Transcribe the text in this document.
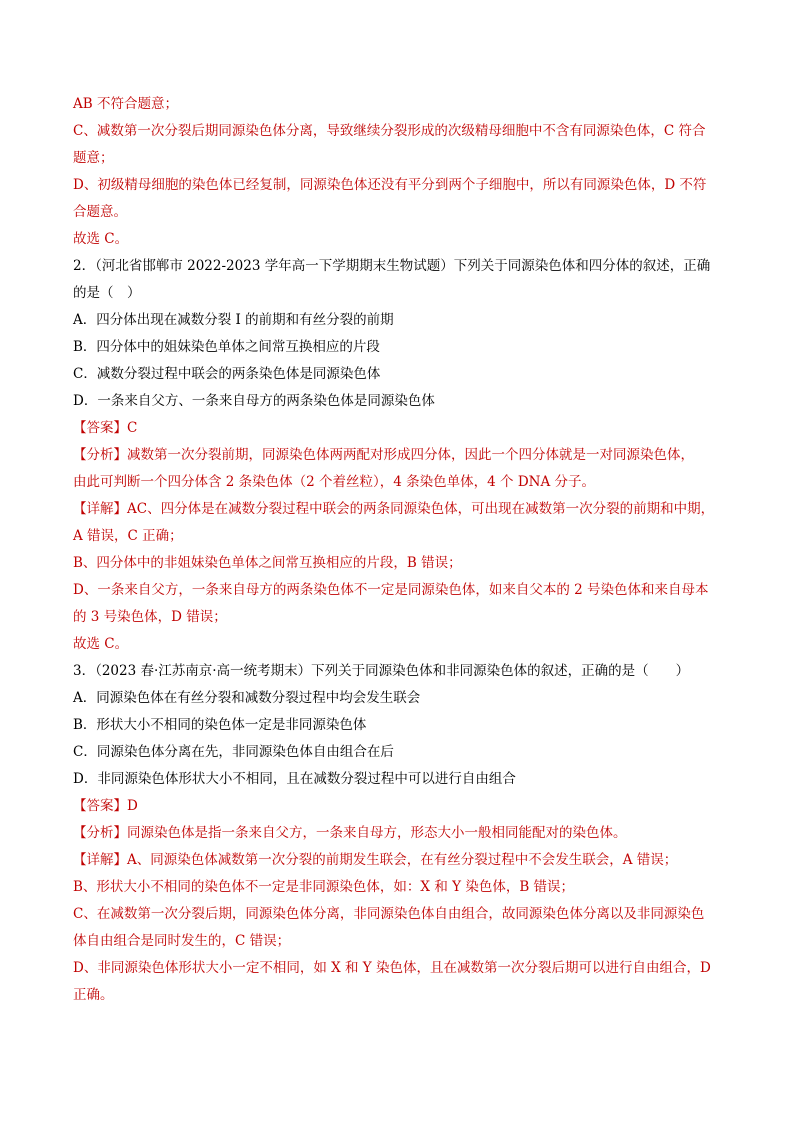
AB 不符合题意；
C、减数第一次分裂后期同源染色体分离，导致继续分裂形成的次级精母细胞中不含有同源染色体，C 符合
题意；
D、初级精母细胞的染色体已经复制，同源染色体还没有平分到两个子细胞中，所以有同源染色体，D 不符
合题意。
故选 C。
2．（河北省邯郸市 2022-2023 学年高一下学期期末生物试题）下列关于同源染色体和四分体的叙述，正确
的是（　）
A．四分体出现在减数分裂 I 的前期和有丝分裂的前期
B．四分体中的姐妹染色单体之间常互换相应的片段
C．减数分裂过程中联会的两条染色体是同源染色体
D．一条来自父方、一条来自母方的两条染色体是同源染色体
【答案】C
【分析】减数第一次分裂前期，同源染色体两两配对形成四分体，因此一个四分体就是一对同源染色体，
由此可判断一个四分体含 2 条染色体（2 个着丝粒），4 条染色单体，4 个 DNA 分子。
【详解】AC、四分体是在减数分裂过程中联会的两条同源染色体，可出现在减数第一次分裂的前期和中期，
A 错误，C 正确；
B、四分体中的非姐妹染色单体之间常互换相应的片段，B 错误；
D、一条来自父方，一条来自母方的两条染色体不一定是同源染色体，如来自父本的 2 号染色体和来自母本
的 3 号染色体，D 错误；
故选 C。
3．（2023 春·江苏南京·高一统考期末）下列关于同源染色体和非同源染色体的叙述，正确的是（　　）
A．同源染色体在有丝分裂和减数分裂过程中均会发生联会
B．形状大小不相同的染色体一定是非同源染色体
C．同源染色体分离在先，非同源染色体自由组合在后
D．非同源染色体形状大小不相同，且在减数分裂过程中可以进行自由组合
【答案】D
【分析】同源染色体是指一条来自父方，一条来自母方，形态大小一般相同能配对的染色体。
【详解】A、同源染色体减数第一次分裂的前期发生联会，在有丝分裂过程中不会发生联会，A 错误；
B、形状大小不相同的染色体不一定是非同源染色体，如：X 和 Y 染色体，B 错误；
C、在减数第一次分裂后期，同源染色体分离，非同源染色体自由组合，故同源染色体分离以及非同源染色
体自由组合是同时发生的，C 错误；
D、非同源染色体形状大小一定不相同，如 X 和 Y 染色体，且在减数第一次分裂后期可以进行自由组合，D
正确。
